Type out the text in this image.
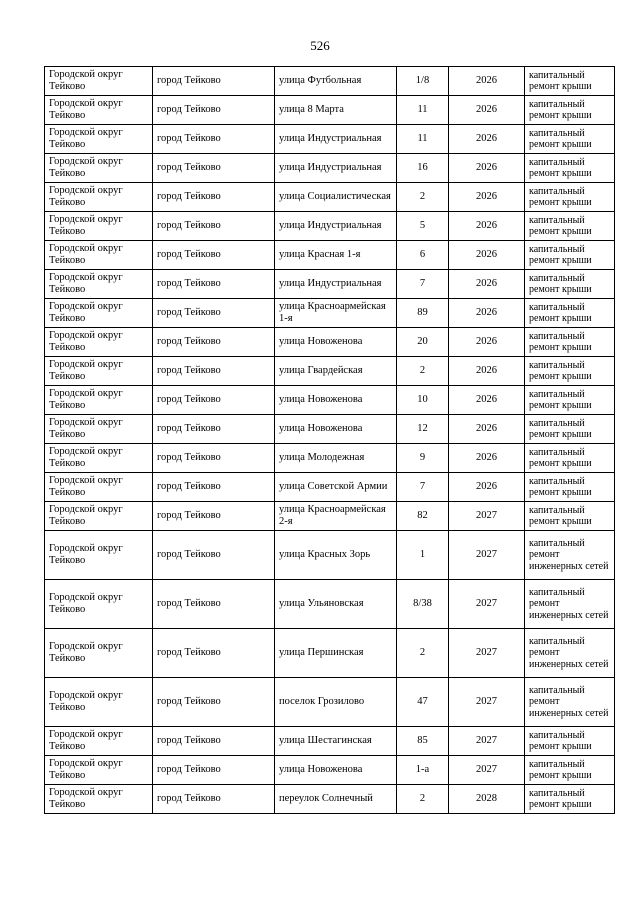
526
Городской округ Тейково	город Тейково	улица Футбольная	1/8	2026	капитальный ремонт крыши
Городской округ Тейково	город Тейково	улица 8 Марта	11	2026	капитальный ремонт крыши
Городской округ Тейково	город Тейково	улица Индустриальная	11	2026	капитальный ремонт крыши
Городской округ Тейково	город Тейково	улица Индустриальная	16	2026	капитальный ремонт крыши
Городской округ Тейково	город Тейково	улица Социалистическая	2	2026	капитальный ремонт крыши
Городской округ Тейково	город Тейково	улица Индустриальная	5	2026	капитальный ремонт крыши
Городской округ Тейково	город Тейково	улица Красная 1-я	6	2026	капитальный ремонт крыши
Городской округ Тейково	город Тейково	улица Индустриальная	7	2026	капитальный ремонт крыши
Городской округ Тейково	город Тейково	улица Красноармейская 1-я	89	2026	капитальный ремонт крыши
Городской округ Тейково	город Тейково	улица Новоженова	20	2026	капитальный ремонт крыши
Городской округ Тейково	город Тейково	улица Гвардейская	2	2026	капитальный ремонт крыши
Городской округ Тейково	город Тейково	улица Новоженова	10	2026	капитальный ремонт крыши
Городской округ Тейково	город Тейково	улица Новоженова	12	2026	капитальный ремонт крыши
Городской округ Тейково	город Тейково	улица Молодежная	9	2026	капитальный ремонт крыши
Городской округ Тейково	город Тейково	улица Советской Армии	7	2026	капитальный ремонт крыши
Городской округ Тейково	город Тейково	улица Красноармейская 2-я	82	2027	капитальный ремонт крыши
Городской округ Тейково	город Тейково	улица Красных Зорь	1	2027	капитальный ремонт инженерных сетей
Городской округ Тейково	город Тейково	улица Ульяновская	8/38	2027	капитальный ремонт инженерных сетей
Городской округ Тейково	город Тейково	улица Першинская	2	2027	капитальный ремонт инженерных сетей
Городской округ Тейково	город Тейково	поселок Грозилово	47	2027	капитальный ремонт инженерных сетей
Городской округ Тейково	город Тейково	улица Шестагинская	85	2027	капитальный ремонт крыши
Городской округ Тейково	город Тейково	улица Новоженова	1-а	2027	капитальный ремонт крыши
Городской округ Тейково	город Тейково	переулок Солнечный	2	2028	капитальный ремонт крыши
